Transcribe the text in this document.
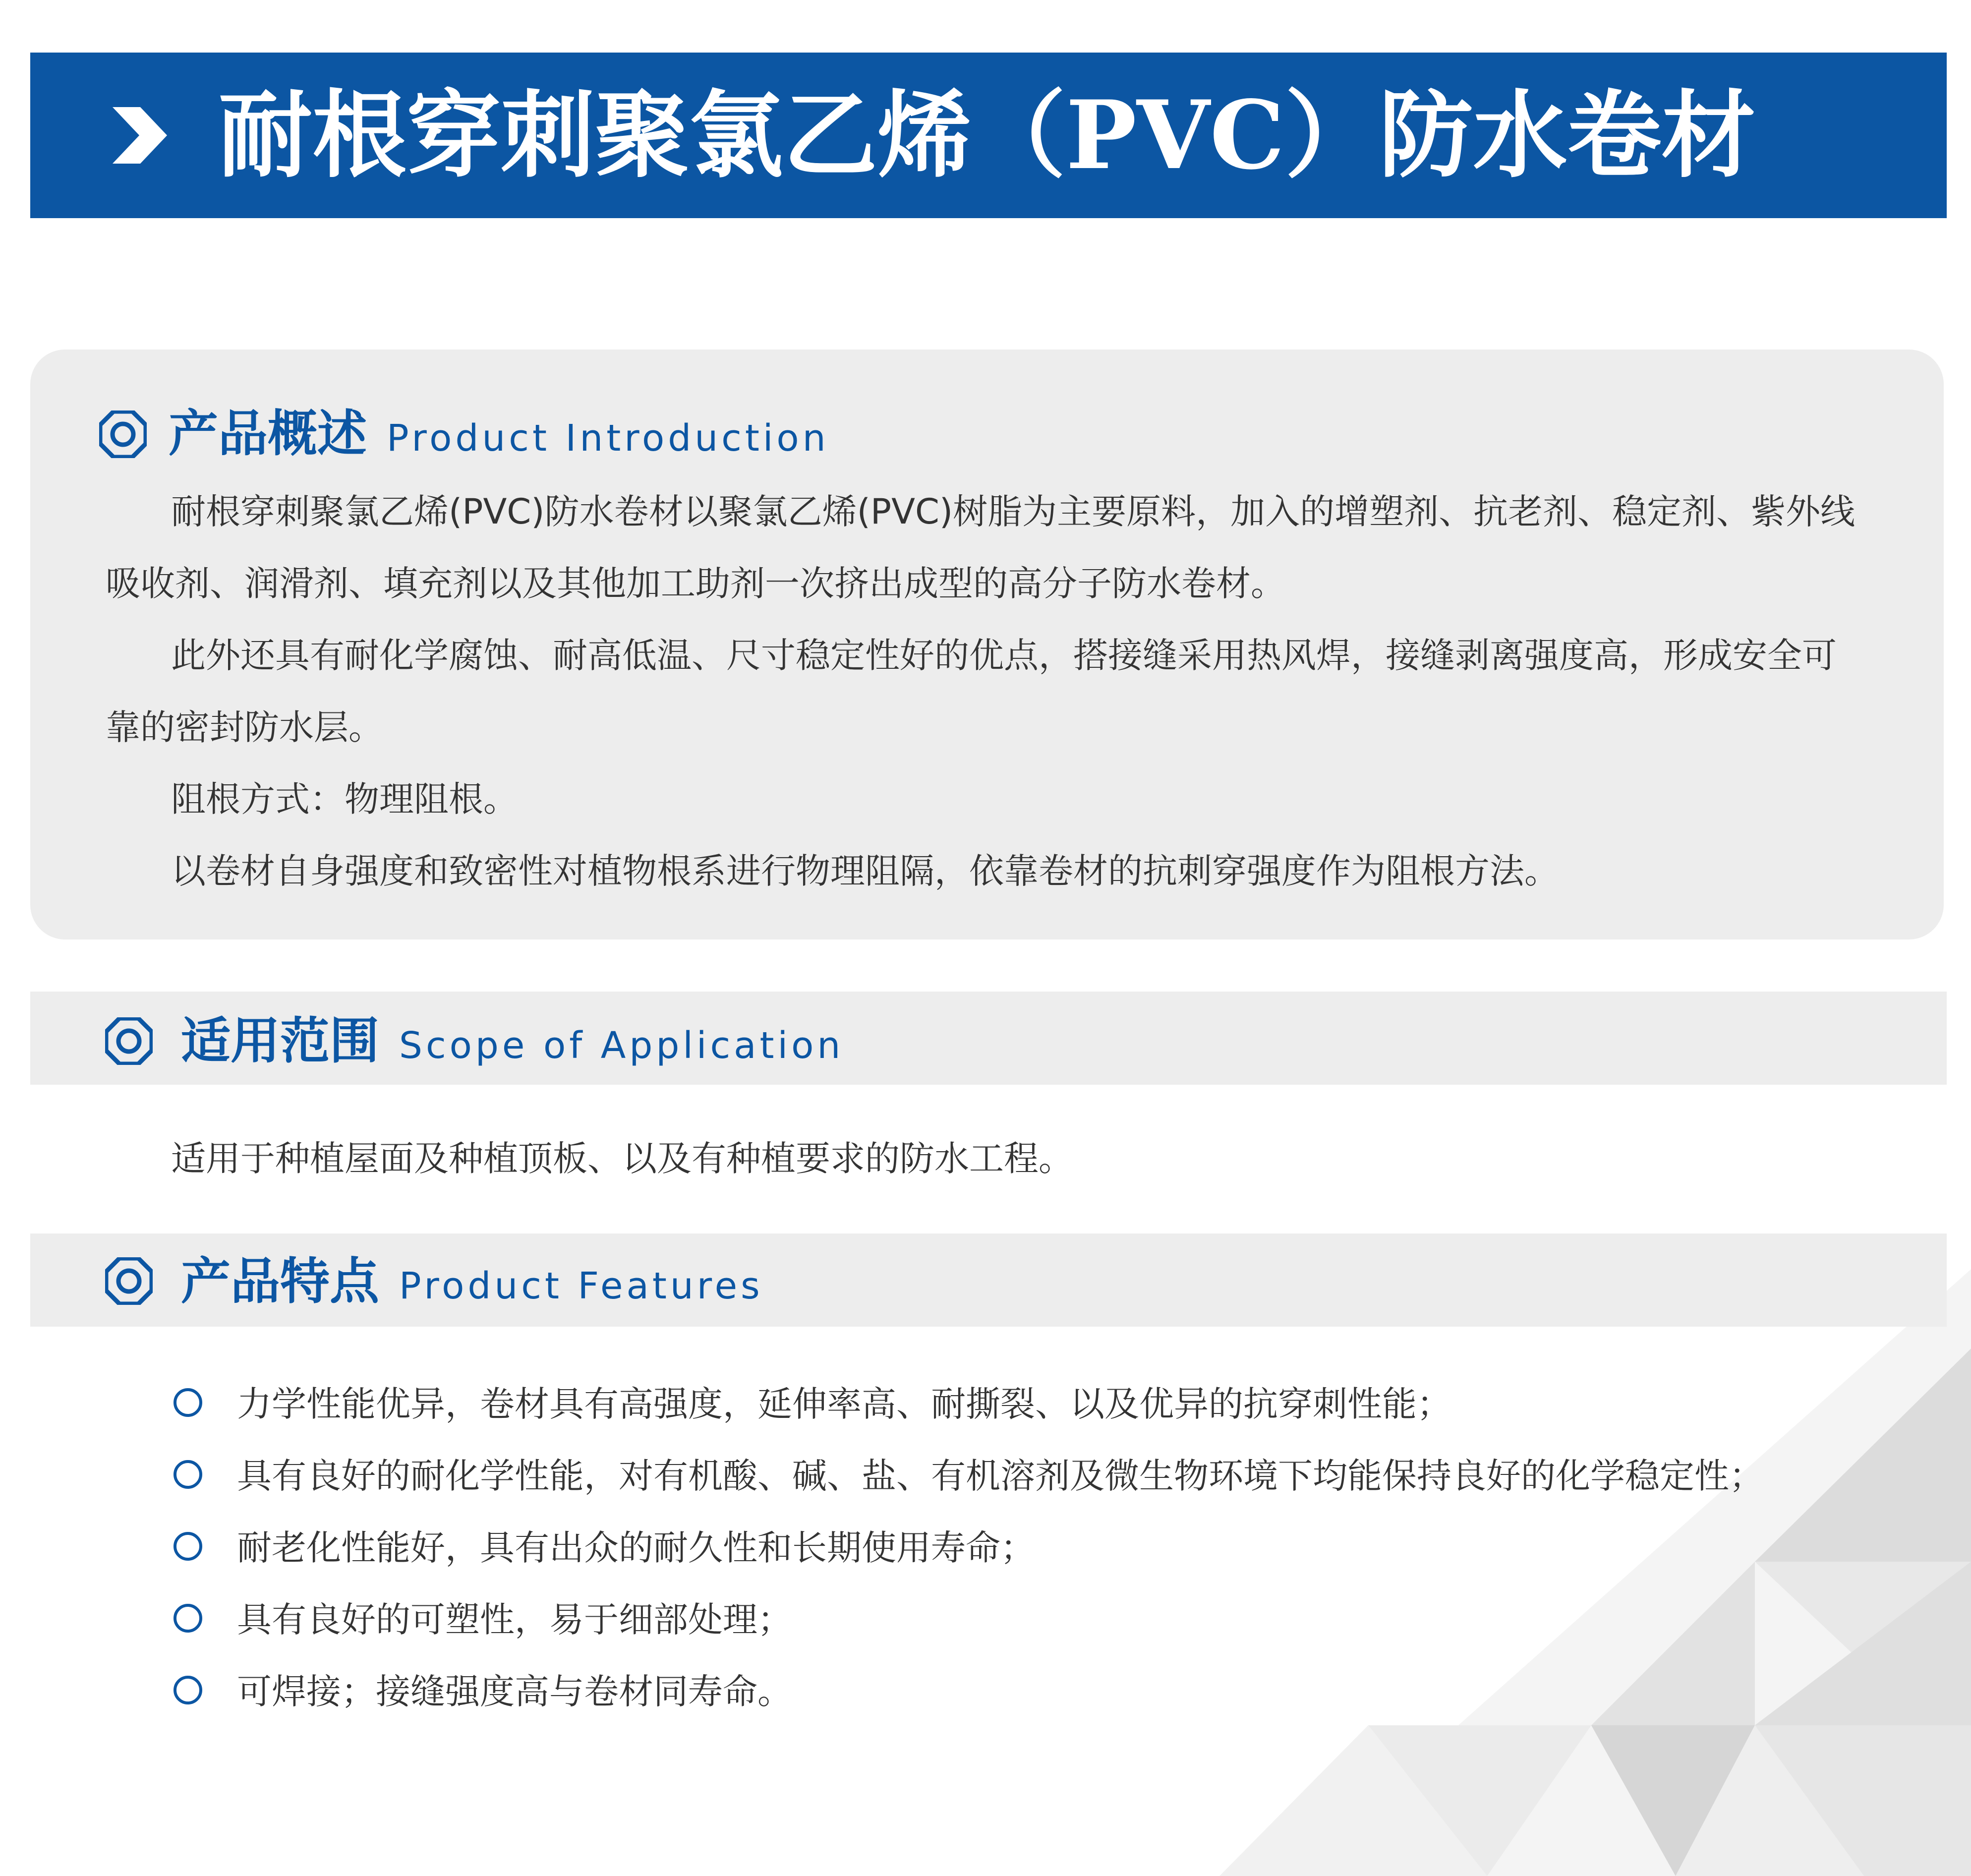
耐根穿刺聚氯乙烯（PVC）防水卷材
产品概述 Product Introduction

耐根穿刺聚氯乙烯(PVC)防水卷材以聚氯乙烯(PVC)树脂为主要原料，加入的增塑剂、抗老剂、稳定剂、紫外线吸收剂、润滑剂、填充剂以及其他加工助剂一次挤出成型的高分子防水卷材。

此外还具有耐化学腐蚀、耐高低温、尺寸稳定性好的优点，搭接缝采用热风焊，接缝剥离强度高，形成安全可靠的密封防水层。

阻根方式：物理阻根。

以卷材自身强度和致密性对植物根系进行物理阻隔，依靠卷材的抗刺穿强度作为阻根方法。

适用范围 Scope of Application

适用于种植屋面及种植顶板、以及有种植要求的防水工程。

产品特点 Product Features
力学性能优异，卷材具有高强度，延伸率高、耐撕裂、以及优异的抗穿刺性能；
具有良好的耐化学性能，对有机酸、碱、盐、有机溶剂及微生物环境下均能保持良好的化学稳定性；
耐老化性能好，具有出众的耐久性和长期使用寿命；
具有良好的可塑性，易于细部处理；
可焊接；接缝强度高与卷材同寿命。
